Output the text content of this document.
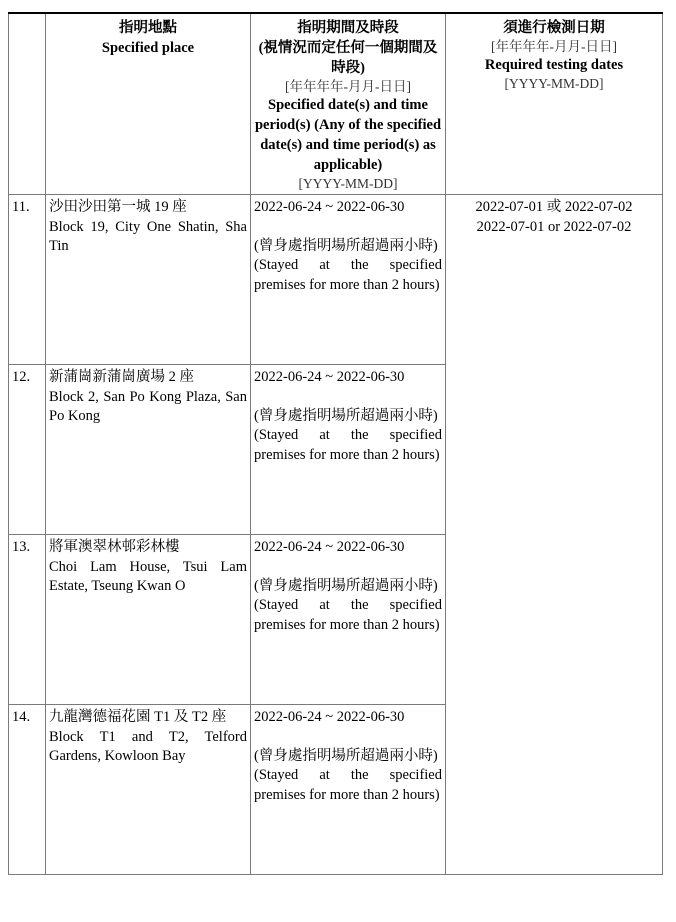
	指明地點
Specified place	指明期間及時段
(視情況而定任何一個期間及時段)
[年年年年-月月-日日]
Specified date(s) and time period(s) (Any of the specified date(s) and time period(s) as applicable)
[YYYY-MM-DD]	須進行檢測日期
[年年年年-月月-日日]
Required testing dates
[YYYY-MM-DD]

11.	沙田沙田第一城 19 座
Block 19, City One Shatin, Sha Tin	2022-06-24 ~ 2022-06-30
(曾身處指明場所超過兩小時)
(Stayed at the specified premises for more than 2 hours)	2022-07-01 或 2022-07-02
2022-07-01 or 2022-07-02

12.	新蒲崗新蒲崗廣場 2 座
Block 2, San Po Kong Plaza, San Po Kong	2022-06-24 ~ 2022-06-30
(曾身處指明場所超過兩小時)
(Stayed at the specified premises for more than 2 hours)	

13.	將軍澳翠林邨彩林樓
Choi Lam House, Tsui Lam Estate, Tseung Kwan O	2022-06-24 ~ 2022-06-30
(曾身處指明場所超過兩小時)
(Stayed at the specified premises for more than 2 hours)	

14.	九龍灣德福花園 T1 及 T2 座
Block T1 and T2, Telford Gardens, Kowloon Bay	2022-06-24 ~ 2022-06-30
(曾身處指明場所超過兩小時)
(Stayed at the specified premises for more than 2 hours)	
